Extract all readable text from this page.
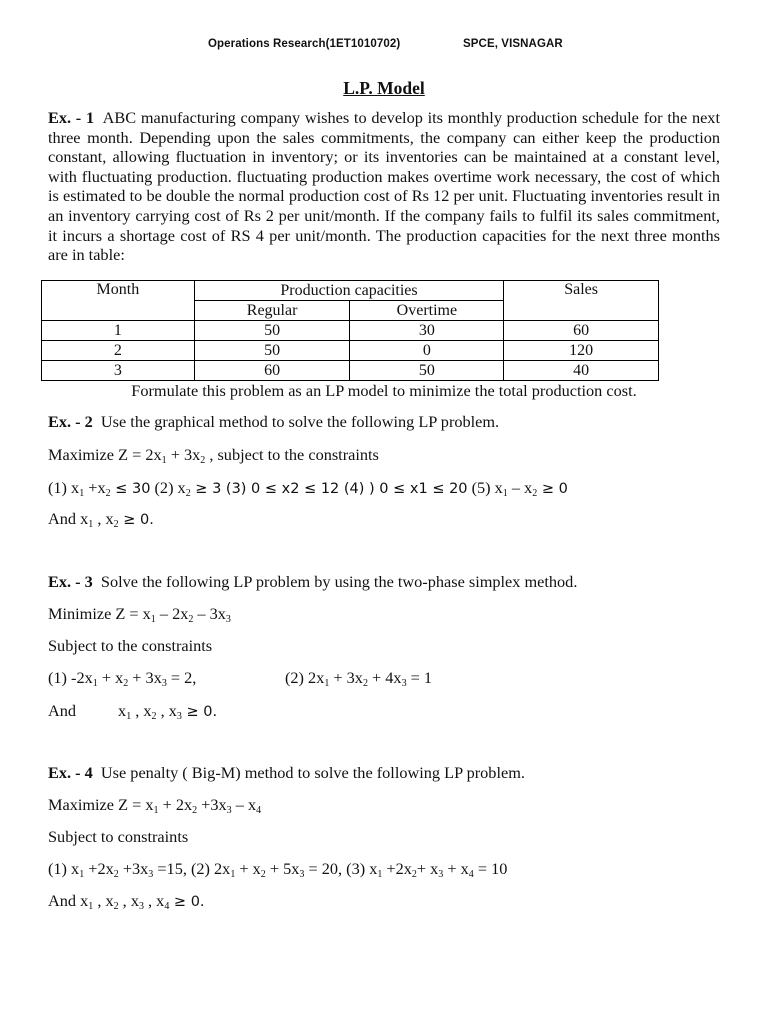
Operations Research(1ET1010702)	SPCE, VISNAGAR
L.P. Model
Ex. - 1 ABC manufacturing company wishes to develop its monthly production schedule for the next three month. Depending upon the sales commitments, the company can either keep the production constant, allowing fluctuation in inventory; or its inventories can be maintained at a constant level, with fluctuating production. fluctuating production makes overtime work necessary, the cost of which is estimated to be double the normal production cost of Rs 12 per unit. Fluctuating inventories result in an inventory carrying cost of Rs 2 per unit/month. If the company fails to fulfil its sales commitment, it incurs a shortage cost of RS 4 per unit/month. The production capacities for the next three months are in table:
Month	Production capacities		Sales
	Regular	Overtime	
1	50	30	60
2	50	0	120
3	60	50	40
Formulate this problem as an LP model to minimize the total production cost.
Ex. - 2 Use the graphical method to solve the following LP problem.
Maximize $Z = 2x_1 + 3x_2$ , subject to the constraints
(1) $x_1 +x_2 \le 30$ (2) $x_2 \ge 3$ (3) 0 ≤ x2 ≤ 12 (4) ) 0 ≤ x1 ≤ 20 (5) $x_1 - x_2 \ge 0$
And $x_1$ , $x_2 \ge 0$.
Ex. - 3 Solve the following LP problem by using the two-phase simplex method.
Minimize $Z = x_1 - 2x_2 - 3x_3$
Subject to the constraints
(1) $-2x_1 + x_2 + 3x_3 = 2$,	(2) $2x_1 + 3x_2 + 4x_3 = 1$
And	$x_1$ , $x_2$ , $x_3 \ge 0$.
Ex. - 4 Use penalty ( Big-M) method to solve the following LP problem.
Maximize $Z = x_1 + 2x_2 +3x_3 - x_4$
Subject to constraints
(1) $x_1 +2x_2 +3x_3 =15$, (2) $2x_1 + x_2 + 5x_3 = 20$, (3) $x_1 +2x_2+ x_3 + x_4 = 10$
And $x_1$ , $x_2$ , $x_3$ , $x_4 \ge 0$.
